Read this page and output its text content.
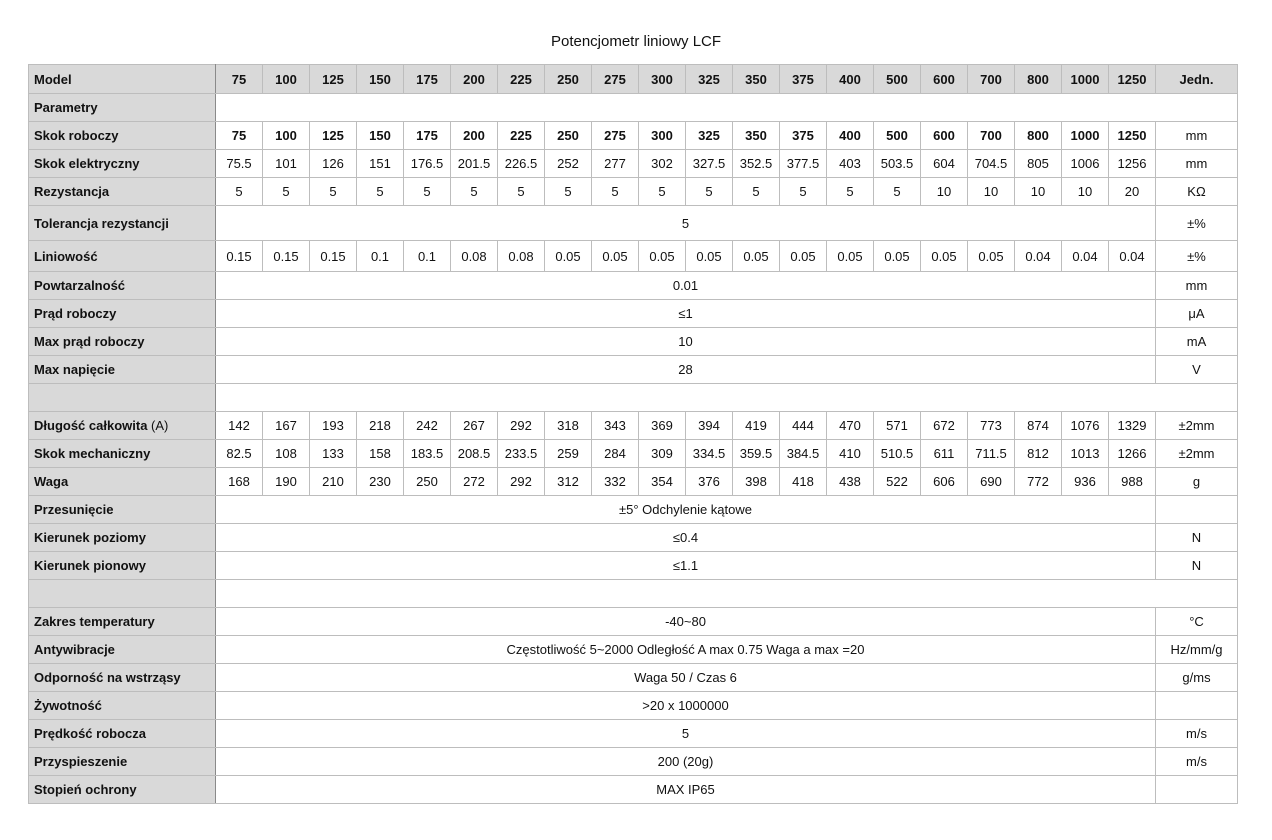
Potencjometr liniowy LCF
Model	75	100	125	150	175	200	225	250	275	300	325	350	375	400	500	600	700	800	1000	1250	Jedn.
Parametry																					
Skok roboczy	75	100	125	150	175	200	225	250	275	300	325	350	375	400	500	600	700	800	1000	1250	mm
Skok elektryczny	75.5	101	126	151	176.5	201.5	226.5	252	277	302	327.5	352.5	377.5	403	503.5	604	704.5	805	1006	1256	mm
Rezystancja	5	5	5	5	5	5	5	5	5	5	5	5	5	5	5	10	10	10	10	20	KΩ
Tolerancja rezystancji	5																				±%
Liniowość	0.15	0.15	0.15	0.1	0.1	0.08	0.08	0.05	0.05	0.05	0.05	0.05	0.05	0.05	0.05	0.05	0.05	0.04	0.04	0.04	±%
Powtarzalność	0.01																				mm
Prąd roboczy	≤1																				μA
Max prąd roboczy	10																				mA
Max napięcie	28																				V

Długość całkowita (A)	142	167	193	218	242	267	292	318	343	369	394	419	444	470	571	672	773	874	1076	1329	±2mm
Skok mechaniczny	82.5	108	133	158	183.5	208.5	233.5	259	284	309	334.5	359.5	384.5	410	510.5	611	711.5	812	1013	1266	±2mm
Waga	168	190	210	230	250	272	292	312	332	354	376	398	418	438	522	606	690	772	936	988	g
Przesunięcie	±5° Odchylenie kątowe																				
Kierunek poziomy	≤0.4																				N
Kierunek pionowy	≤1.1																				N

Zakres temperatury	-40~80																				°C
Antywibracje	Częstotliwość 5~2000 Odległość A max 0.75 Waga a max =20																				Hz/mm/g
Odporność na wstrząsy	Waga 50 / Czas 6																				g/ms
Żywotność	>20 x 1000000																				
Prędkość robocza	5																				m/s
Przyspieszenie	200 (20g)																				m/s
Stopień ochrony	MAX IP65																				
